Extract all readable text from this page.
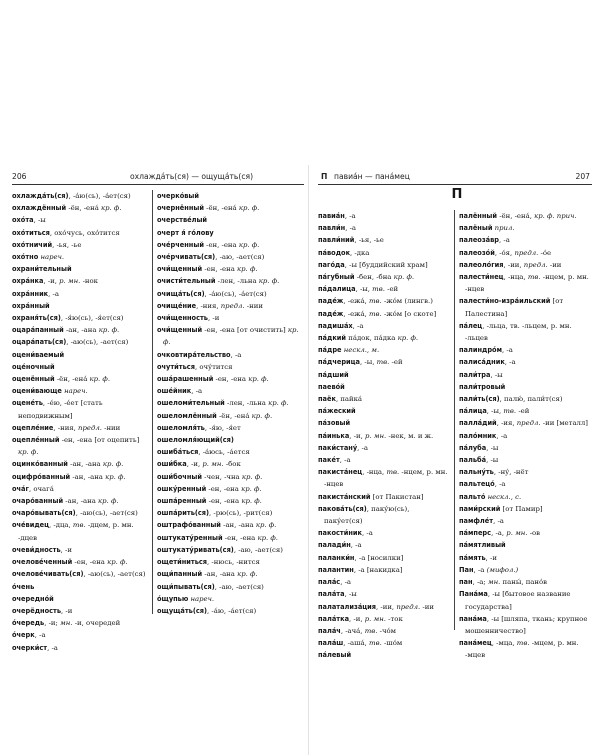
206	охлажда́ть(ся) — ощуща́ть(ся)
охлажда́ть(ся), -а́ю(сь), -а́ет(ся)
охлаждённый -ён, -ена́ кр. ф.
охо́та, -ы
охо́титься, охо́чусь, охо́тится
охо́тничий, -ья, -ье
охо́тно нареч.
охрани́тельный
охра́нка, -и, р. мн. -нок
охра́нник, -а
охра́нный
охраня́ть(ся), -я́ю(сь), -я́ет(ся)
оцара́панный -ан, -ана кр. ф.
оцара́пать(ся), -аю(сь), -ает(ся)
оцени́ваемый
оце́ночный
оценённый -ён, -ена́ кр. ф.
оцени́вающе нареч.
оцене́ть, -е́ю, -е́ет [стать неподвижным]
оцепле́ние, -ния, предл. -нии
оцепле́нный -ен, -ена [от оцепить] кр. ф.
оцинко́ванный -ан, -ана кр. ф.
оцифро́ванный -ан, -ана кр. ф.
оча́г, очага́
очаро́ванный -ан, -ана кр. ф.
очаро́вывать(ся), -аю(сь), -ает(ся)
оче́видец, -дца, тв. -дцем, р. мн. -дцев
очеви́дность, -и
очелове́ченный -ен, -ена кр. ф.
очелове́чивать(ся), -аю(сь), -ает(ся)
о́чень
очередно́й
очерёдность, -и
о́чередь, -и; мн. -и, очередей
о́черк, -а
очерки́ст, -а
очерко́вый
очернённый -ён, -ена́ кр. ф.
очерстве́лый
очерт я́ го́лову
оче́рченный -ен, -ена кр. ф.
оче́рчивать(ся), -аю, -ает(ся)
очи́щенный -ен, -ена кр. ф.
очисти́тельный -лен, -льна кр. ф.
очища́ть(ся), -а́ю(сь), -а́ет(ся)
очище́ние, -ния, предл. -нии
очи́щенность, -и
очи́щенный -ен, -ена [от очистить] кр. ф.
очковтира́тельство, -а
очути́ться, очу́тится
оша́рашенный -ен, -ена кр. ф.
оше́йник, -а
ошеломи́тельный -лен, -льна кр. ф.
ошеломлённый -ён, -ена́ кр. ф.
ошеломля́ть, -я́ю, -я́ет
ошеломля́ющий(ся)
ошиба́ться, -а́юсь, -а́ется
оши́бка, -и, р. мн. -бок
оши́бочный -чен, -чна кр. ф.
ошку́ренный -ен, -ена кр. ф.
ошпа́ренный -ен, -ена кр. ф.
ошпа́рить(ся), -рю(сь), -рит(ся)
оштрафо́ванный -ан, -ана кр. ф.
оштукату́ренный -ен, -ена кр. ф.
оштукату́ривать(ся), -аю, -ает(ся)
ощети́ниться, -нюсь, -нится
ощи́панный -ан, -ана кр. ф.
ощи́пывать(ся), -аю, -ает(ся)
о́щупью нареч.
ощуща́ть(ся), -а́ю, -а́ет(ся)
П павиа́н — пана́мец	207
П
павиа́н, -а
павли́н, -а
павли́ний, -ья, -ье
па́водок, -дка
паго́да, -ы [буддийский храм]
па́губный -бен, -бна кр. ф.
па́далица, -ы, тв. -ей
паде́ж, -ежа́, тв. -жо́м (лингв.)
паде́ж, -ежа́, тв. -жо́м [о скоте]
падиша́х, -а
па́дкий па́док, па́дка кр. ф.
па́дре нескл., м.
па́дчерица, -ы, тв. -ей
па́дший
паево́й
паёк, пайка́
па́жеский
па́зовый
па́инька, -и, р. мн. -нек, м. и ж.
паки́стану́, -а
паке́т, -а
пакиста́нец, -нца, тв. -нцем, р. мн. -нцев
пакиста́нский [от Пакистан]
пакова́ть(ся), паку́ю(сь), паку́ет(ся)
пакости́ник, -а
палади́н, -а
паланки́н, -а [носилки]
палантин, -а [накидка]
пала́с, -а
пала́та, -ы
палатализа́ция, -ии, предл. -ии
пала́тка, -и, р. мн. -ток
пала́ч, -ача́, тв. -чо́м
пала́ш, -аша́, тв. -шо́м
па́левый
палённый -ён, -ена́, кр. ф. прич.
палёный прил.
палеоза́вр, -а
палеозо́й, -о́я, предл. -о́е
палеоло́гия, -ии, предл. -ии
палести́нец, -нца, тв. -нцем, р. мн. -нцев
палести́но-изра́ильский [от Палестина]
па́лец, -льца, тв. -льцем, р. мн. -льцев
палиндро́м, -а
палиса́дник, -а
пали́тра, -ы
пали́тровый
пали́ть(ся), палю́, пали́т(ся)
па́лица, -ы, тв. -ей
палла́дий, -ия, предл. -ии [металл]
пало́мник, -а
па́луба, -ы
пальба́, -ы
пальну́ть, -ну́, -нёт
пальтецо́, -а
пальто́ нескл., с.
пами́рский [от Памир]
памфле́т, -а
па́мперс, -а, р. мн. -ов
па́мятливый
па́мять, -и
Пан, -а (мифол.)
пан, -а; мн. паны́, пано́в
Пана́ма, -ы [бытовое название государства]
пана́ма, -ы [шляпа, ткань; крупное мошенничество]
пана́мец, -мца, тв. -мцем, р. мн. -мцев
